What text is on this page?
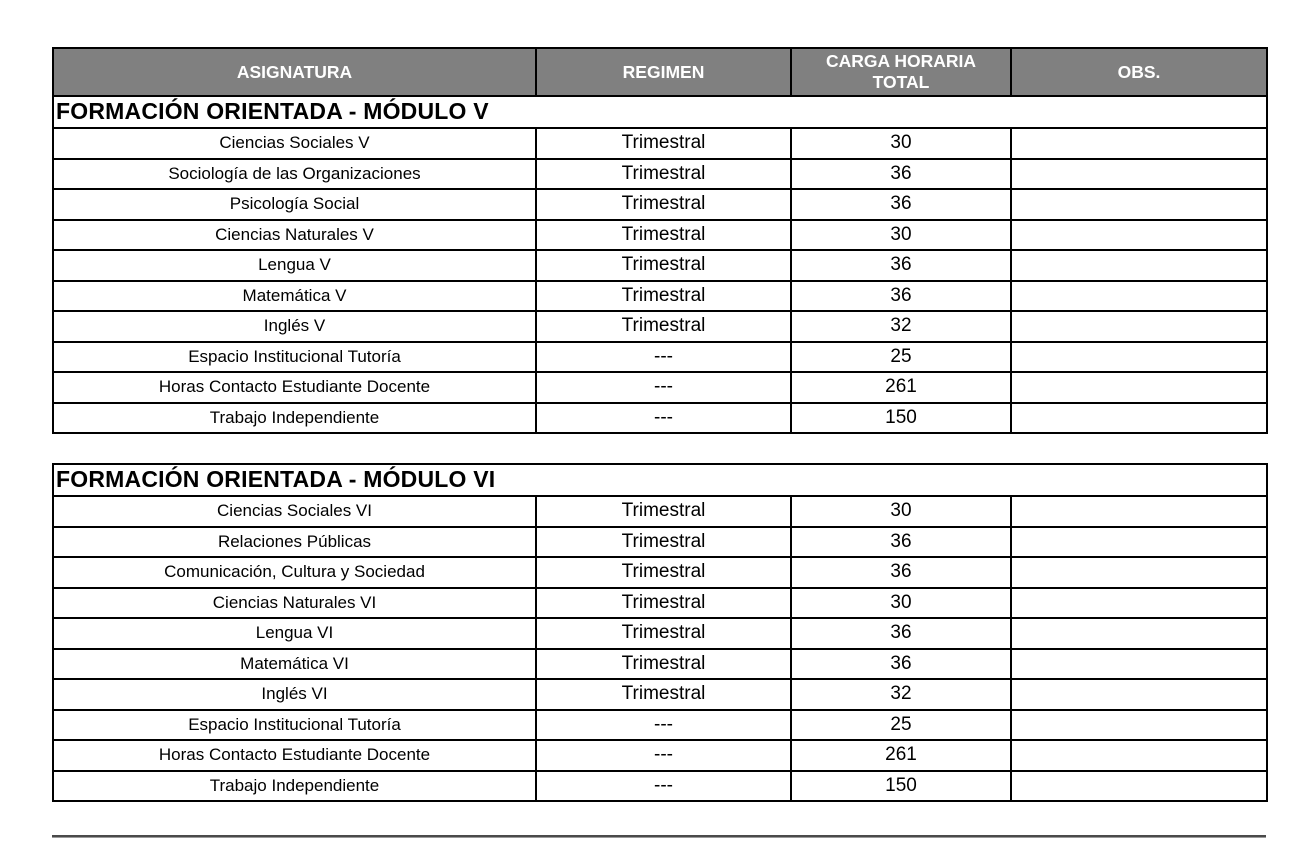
ASIGNATURA	REGIMEN	CARGA HORARIA TOTAL	OBS.
FORMACIÓN ORIENTADA - MÓDULO V			
Ciencias Sociales V	Trimestral	30	
Sociología de las Organizaciones	Trimestral	36	
Psicología Social	Trimestral	36	
Ciencias Naturales V	Trimestral	30	
Lengua V	Trimestral	36	
Matemática V	Trimestral	36	
Inglés V	Trimestral	32	
Espacio Institucional Tutoría	---	25	
Horas Contacto Estudiante Docente	---	261	
Trabajo Independiente	---	150	
FORMACIÓN ORIENTADA - MÓDULO VI			
Ciencias Sociales VI	Trimestral	30	
Relaciones Públicas	Trimestral	36	
Comunicación, Cultura y Sociedad	Trimestral	36	
Ciencias Naturales VI	Trimestral	30	
Lengua VI	Trimestral	36	
Matemática VI	Trimestral	36	
Inglés VI	Trimestral	32	
Espacio Institucional Tutoría	---	25	
Horas Contacto Estudiante Docente	---	261	
Trabajo Independiente	---	150	
